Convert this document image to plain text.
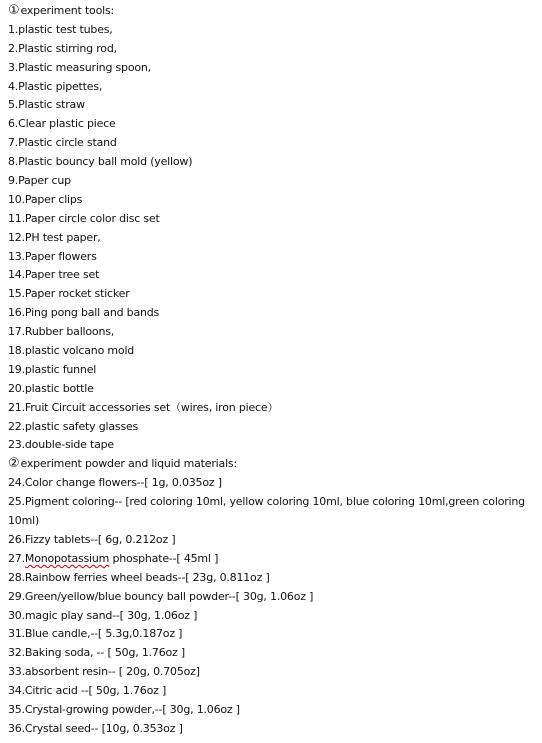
①experiment tools:
1.plastic test tubes,
2.Plastic stirring rod,
3.Plastic measuring spoon,
4.Plastic pipettes,
5.Plastic straw
6.Clear plastic piece
7.Plastic circle stand
8.Plastic bouncy ball mold (yellow)
9.Paper cup
10.Paper clips
11.Paper circle color disc set
12.PH test paper,
13.Paper flowers
14.Paper tree set
15.Paper rocket sticker
16.Ping pong ball and bands
17.Rubber balloons,
18.plastic volcano mold
19.plastic funnel
20.plastic bottle
21.Fruit Circuit accessories set（wires, iron piece）
22.plastic safety glasses
23.double-side tape
②experiment powder and liquid materials:
24.Color change flowers--[ 1g, 0.035oz ]
25.Pigment coloring-- [red coloring 10ml, yellow coloring 10ml, blue coloring 10ml,green coloring 10ml)
26.Fizzy tablets--[ 6g, 0.212oz ]
27.Monopotassium phosphate--[ 45ml ]
28.Rainbow ferries wheel beads--[ 23g, 0.811oz ]
29.Green/yellow/blue bouncy ball powder--[ 30g, 1.06oz ]
30.magic play sand--[ 30g, 1.06oz ]
31.Blue candle,--[ 5.3g,0.187oz ]
32.Baking soda, -- [ 50g, 1.76oz ]
33.absorbent resin-- [ 20g, 0.705oz]
34.Citric acid --[ 50g, 1.76oz ]
35.Crystal-growing powder,--[ 30g, 1.06oz ]
36.Crystal seed-- [10g, 0.353oz ]
